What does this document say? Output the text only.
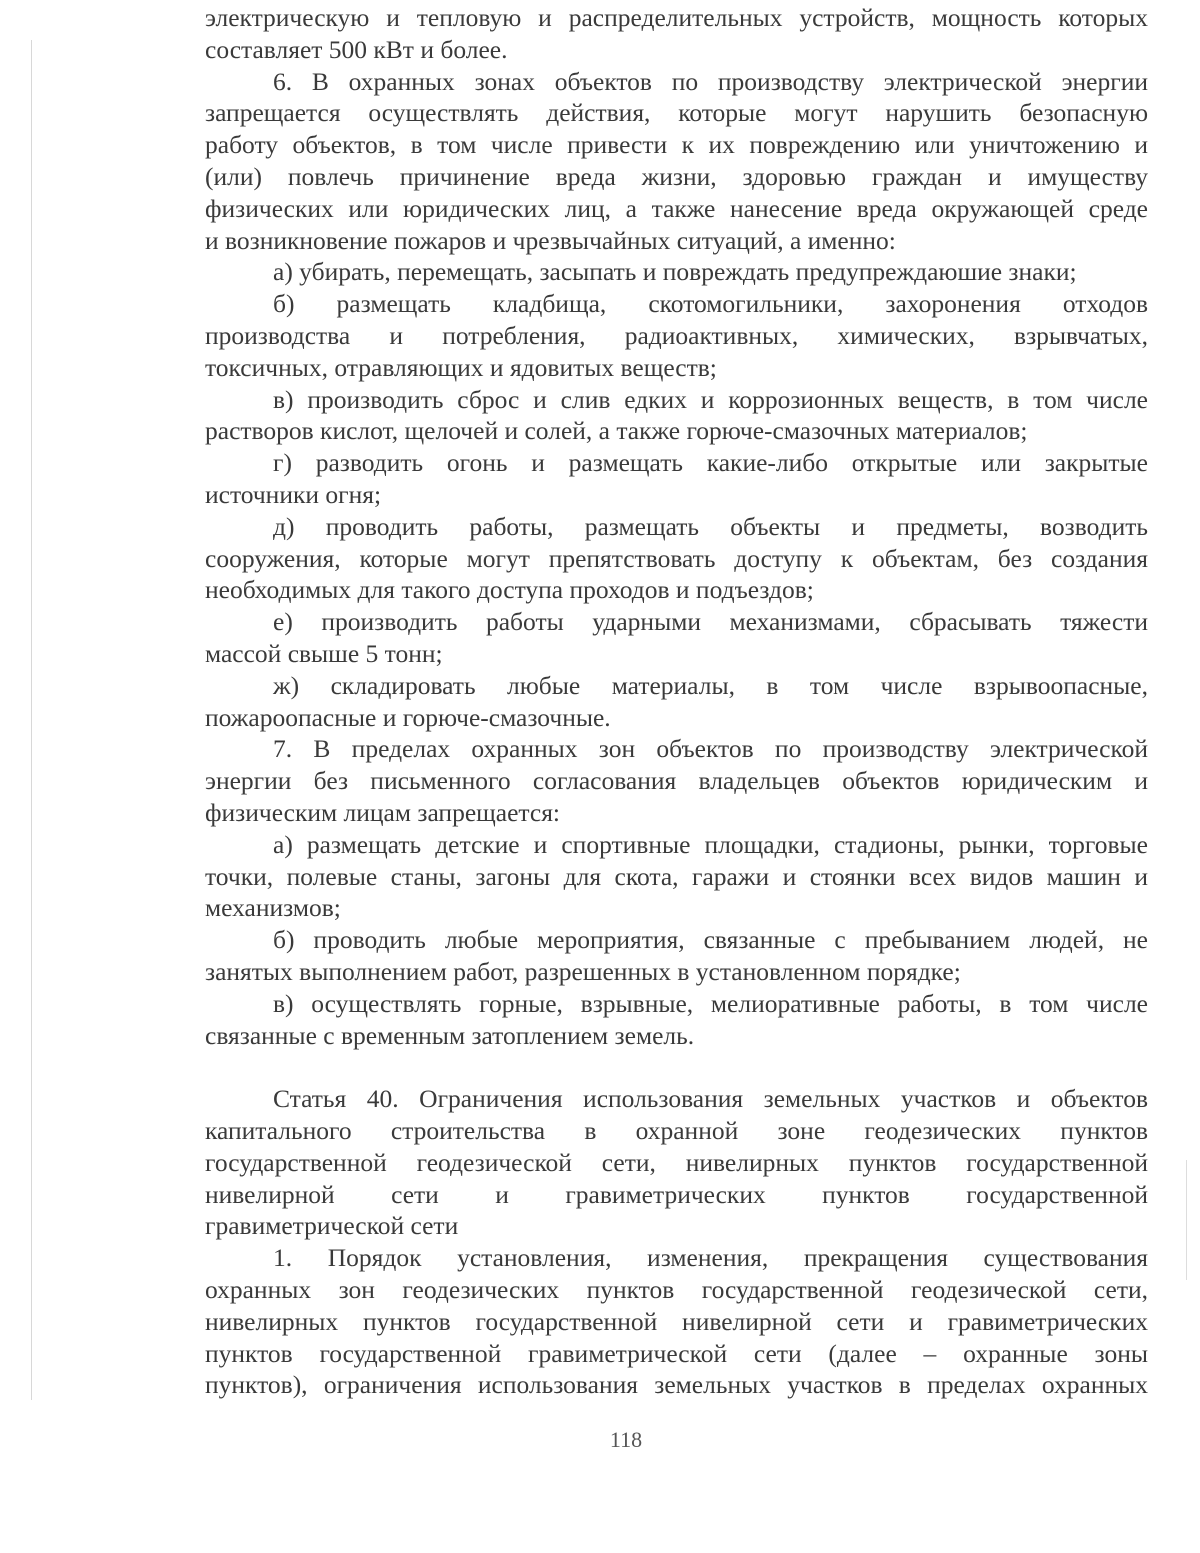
электрическую и тепловую и распределительных устройств, мощность которых
составляет 500 кВт и более.
6. В охранных зонах объектов по производству электрической энергии
запрещается осуществлять действия, которые могут нарушить безопасную
работу объектов, в том числе привести к их повреждению или уничтожению и
(или) повлечь причинение вреда жизни, здоровью граждан и имуществу
физических или юридических лиц, а также нанесение вреда окружающей среде
и возникновение пожаров и чрезвычайных ситуаций, а именно:
а) убирать, перемещать, засыпать и повреждать предупреждаюшие знаки;
б) размещать кладбища, скотомогильники, захоронения отходов
производства и потребления, радиоактивных, химических, взрывчатых,
токсичных, отравляющих и ядовитых веществ;
в) производить сброс и слив едких и коррозионных веществ, в том числе
растворов кислот, щелочей и солей, а также горюче-смазочных материалов;
г) разводить огонь и размещать какие-либо открытые или закрытые
источники огня;
д) проводить работы, размещать объекты и предметы, возводить
сооружения, которые могут препятствовать доступу к объектам, без создания
необходимых для такого доступа проходов и подъездов;
е) производить работы ударными механизмами, сбрасывать тяжести
массой свыше 5 тонн;
ж) складировать любые материалы, в том числе взрывоопасные,
пожароопасные и горюче-смазочные.
7. В пределах охранных зон объектов по производству электрической
энергии без письменного согласования владельцев объектов юридическим и
физическим лицам запрещается:
а) размещать детские и спортивные площадки, стадионы, рынки, торговые
точки, полевые станы, загоны для скота, гаражи и стоянки всех видов машин и
механизмов;
б) проводить любые мероприятия, связанные с пребыванием людей, не
занятых выполнением работ, разрешенных в установленном порядке;
в) осуществлять горные, взрывные, мелиоративные работы, в том числе
связанные с временным затоплением земель.
Статья 40. Ограничения использования земельных участков и объектов
капитального строительства в охранной зоне геодезических пунктов
государственной геодезической сети, нивелирных пунктов государственной
нивелирной сети и гравиметрических пунктов государственной
гравиметрической сети
1. Порядок установления, изменения, прекращения существования
охранных зон геодезических пунктов государственной геодезической сети,
нивелирных пунктов государственной нивелирной сети и гравиметрических
пунктов государственной гравиметрической сети (далее – охранные зоны
пунктов), ограничения использования земельных участков в пределах охранных
118
